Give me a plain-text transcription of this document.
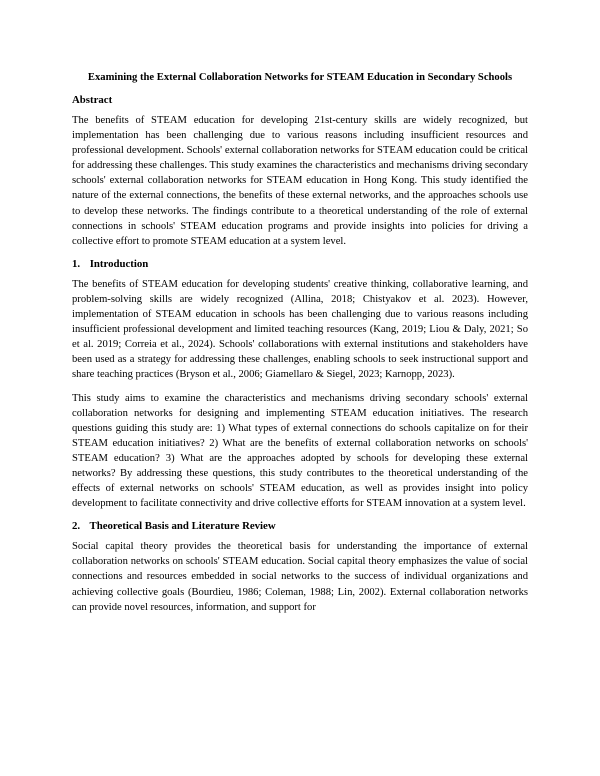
Examining the External Collaboration Networks for STEAM Education in Secondary Schools
Abstract

The benefits of STEAM education for developing 21st-century skills are widely recognized, but implementation has been challenging due to various reasons including insufficient resources and professional development. Schools' external collaboration networks for STEAM education could be critical for addressing these challenges. This study examines the characteristics and mechanisms driving secondary schools' external collaboration networks for STEAM education in Hong Kong. This study identified the nature of the external connections, the benefits of these external networks, and the approaches schools use to develop these networks. The findings contribute to a theoretical understanding of the role of external connections in schools' STEAM education programs and provide insights into policies for driving a collective effort to promote STEAM education at a system level.

1. Introduction

The benefits of STEAM education for developing students' creative thinking, collaborative learning, and problem-solving skills are widely recognized (Allina, 2018; Chistyakov et al. 2023). However, implementation of STEAM education in schools has been challenging due to various reasons including insufficient professional development and limited teaching resources (Kang, 2019; Liou & Daly, 2021; So et al. 2019; Correia et al., 2024). Schools' collaborations with external institutions and stakeholders have been used as a strategy for addressing these challenges, enabling schools to seek instructional support and share teaching practices (Bryson et al., 2006; Giamellaro & Siegel, 2023; Karnopp, 2023).

This study aims to examine the characteristics and mechanisms driving secondary schools' external collaboration networks for designing and implementing STEAM education initiatives. The research questions guiding this study are: 1) What types of external connections do schools capitalize on for their STEAM education initiatives? 2) What are the benefits of external collaboration networks on schools' STEAM education? 3) What are the approaches adopted by schools for developing these external networks? By addressing these questions, this study contributes to the theoretical understanding of the effects of external networks on schools' STEAM education, as well as provides insight into policy development to facilitate connectivity and drive collective efforts for STEAM innovation at a system level.

2. Theoretical Basis and Literature Review

Social capital theory provides the theoretical basis for understanding the importance of external collaboration networks on schools' STEAM education. Social capital theory emphasizes the value of social connections and resources embedded in social networks to the success of individual organizations and achieving collective goals (Bourdieu, 1986; Coleman, 1988; Lin, 2002). External collaboration networks can provide novel resources, information, and support for
